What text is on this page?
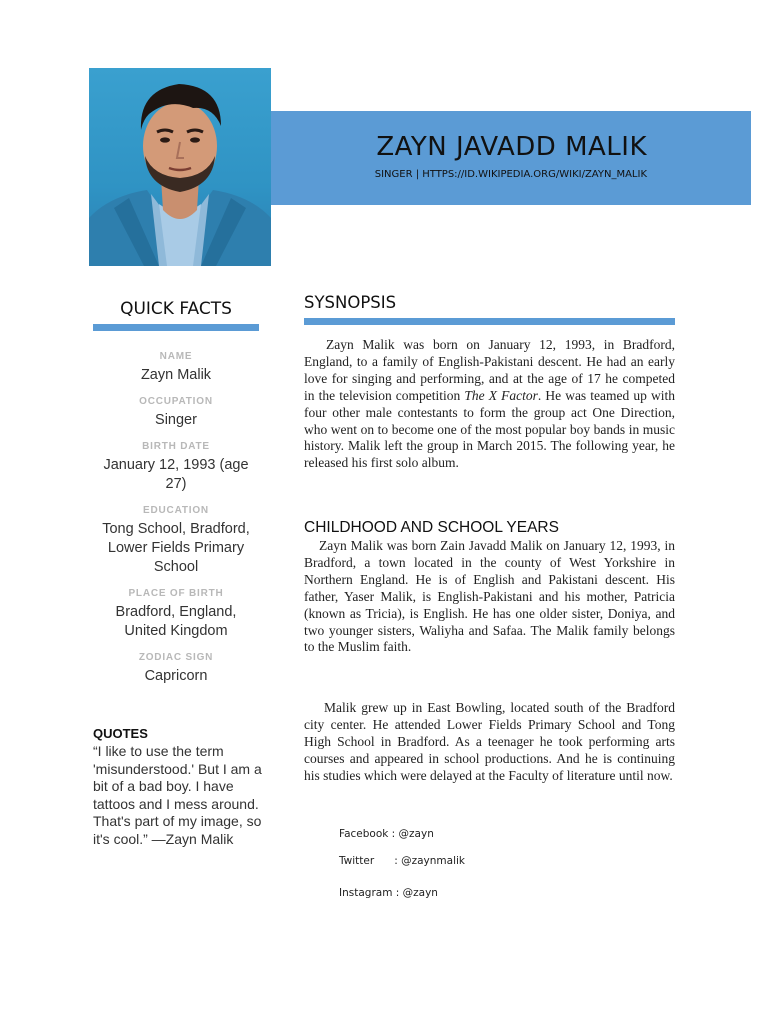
ZAYN JAVADD MALIK
SINGER | HTTPS://ID.WIKIPEDIA.ORG/WIKI/ZAYN_MALIK
QUICK FACTS
NAME
Zayn Malik
OCCUPATION
Singer
BIRTH DATE
January 12, 1993 (age 27)
EDUCATION
Tong School, Bradford, Lower Fields Primary School
PLACE OF BIRTH
Bradford, England, United Kingdom
ZODIAC SIGN
Capricorn
QUOTES
“I like to use the term 'misunderstood.' But I am a bit of a bad boy. I have tattoos and I mess around. That's part of my image, so it's cool.” —Zayn Malik
SYSNOPSIS
Zayn Malik was born on January 12, 1993, in Bradford, England, to a family of English-Pakistani descent. He had an early love for singing and performing, and at the age of 17 he competed in the television competition The X Factor. He was teamed up with four other male contestants to form the group act One Direction, who went on to become one of the most popular boy bands in music history. Malik left the group in March 2015. The following year, he released his first solo album.
CHILDHOOD AND SCHOOL YEARS
Zayn Malik was born Zain Javadd Malik on January 12, 1993, in Bradford, a town located in the county of West Yorkshire in Northern England. He is of English and Pakistani descent. His father, Yaser Malik, is English-Pakistani and his mother, Patricia (known as Tricia), is English. He has one older sister, Doniya, and two younger sisters, Waliyha and Safaa. The Malik family belongs to the Muslim faith.
Malik grew up in East Bowling, located south of the Bradford city center. He attended Lower Fields Primary School and Tong High School in Bradford. As a teenager he took performing arts courses and appeared in school productions. And he is continuing his studies which were delayed at the Faculty of literature until now.
Facebook : @zayn
Twitter      : @zaynmalik
Instagram : @zayn
